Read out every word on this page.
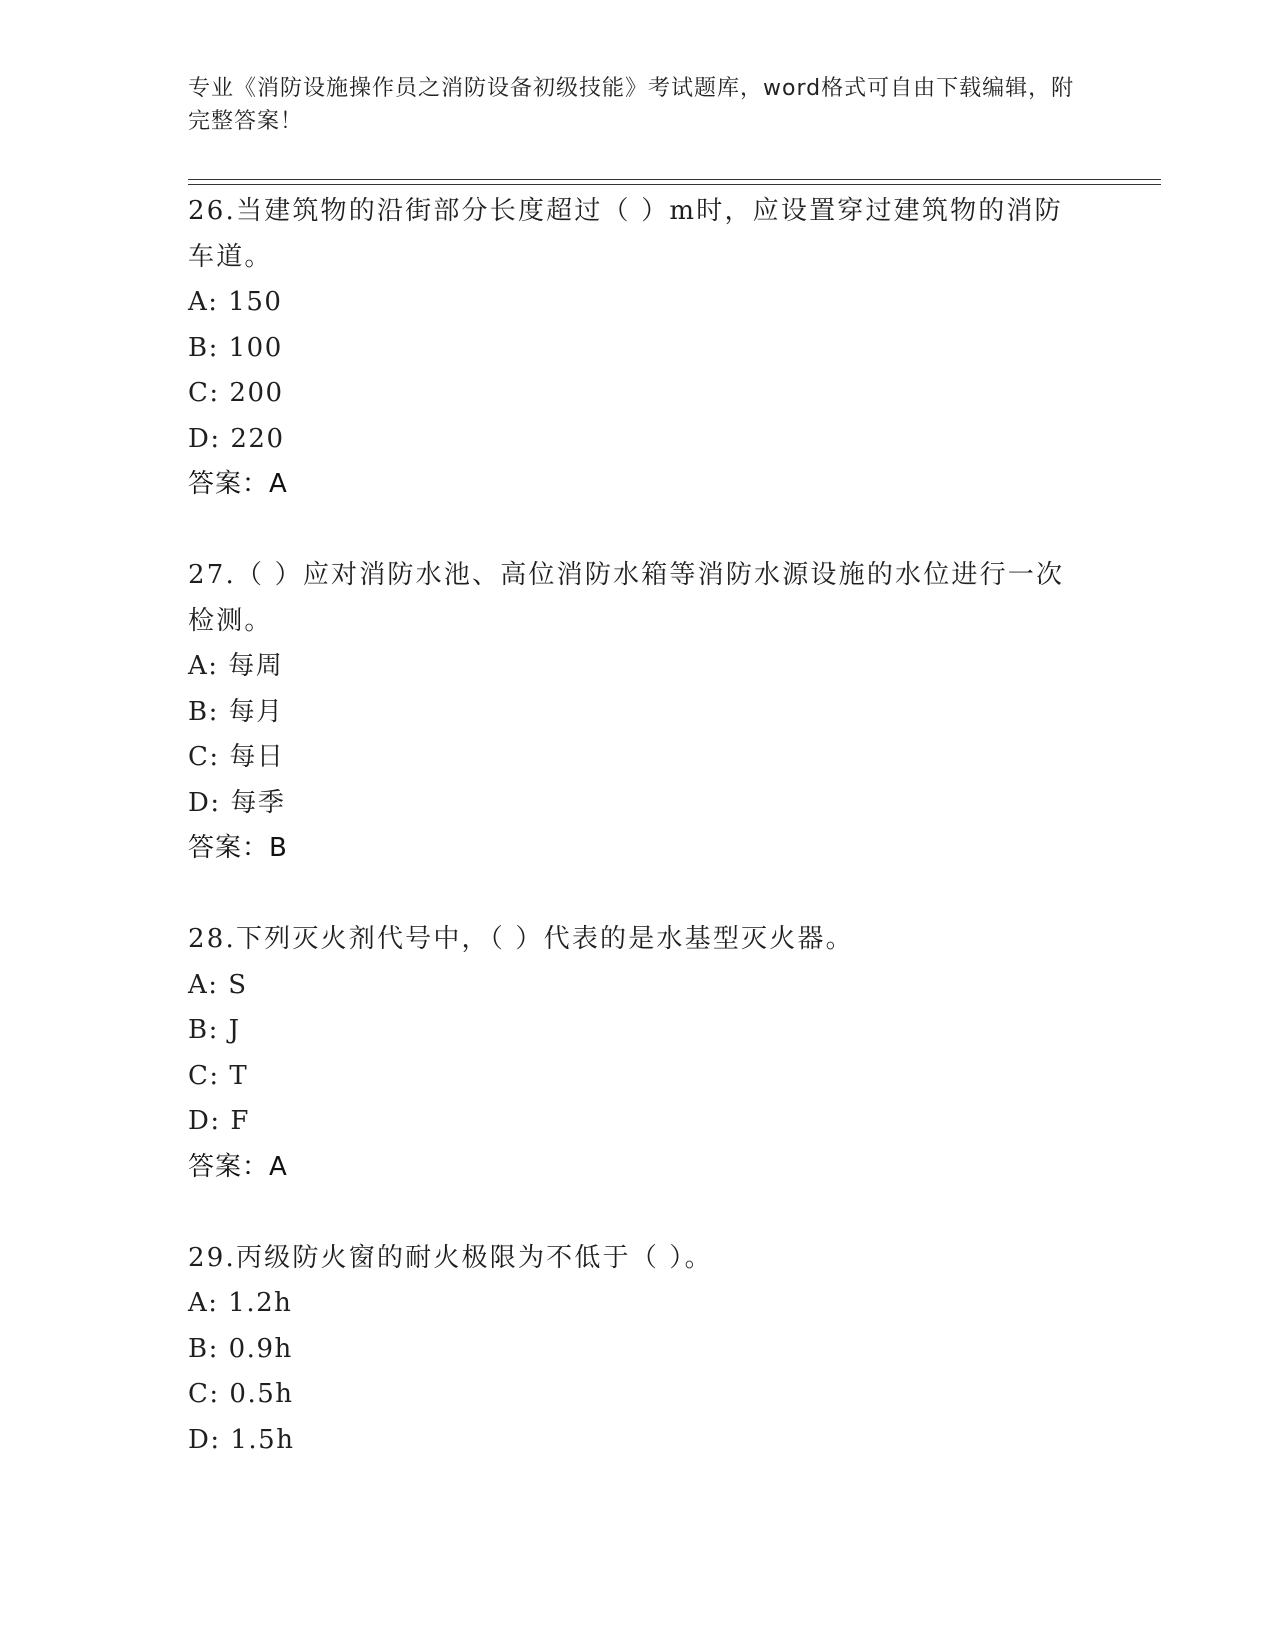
专业《消防设施操作员之消防设备初级技能》考试题库，word格式可自由下载编辑，附完整答案！

26.当建筑物的沿街部分长度超过（ ）m时，应设置穿过建筑物的消防车道。

A: 150

B: 100

C: 200

D: 220

答案：A

27.（ ）应对消防水池、高位消防水箱等消防水源设施的水位进行一次检测。

A: 每周

B: 每月

C: 每日

D: 每季

答案：B

28.下列灭火剂代号中，（ ）代表的是水基型灭火器。

A: S

B: J

C: T

D: F

答案：A

29.丙级防火窗的耐火极限为不低于（ ）。

A: 1.2h

B: 0.9h

C: 0.5h

D: 1.5h
